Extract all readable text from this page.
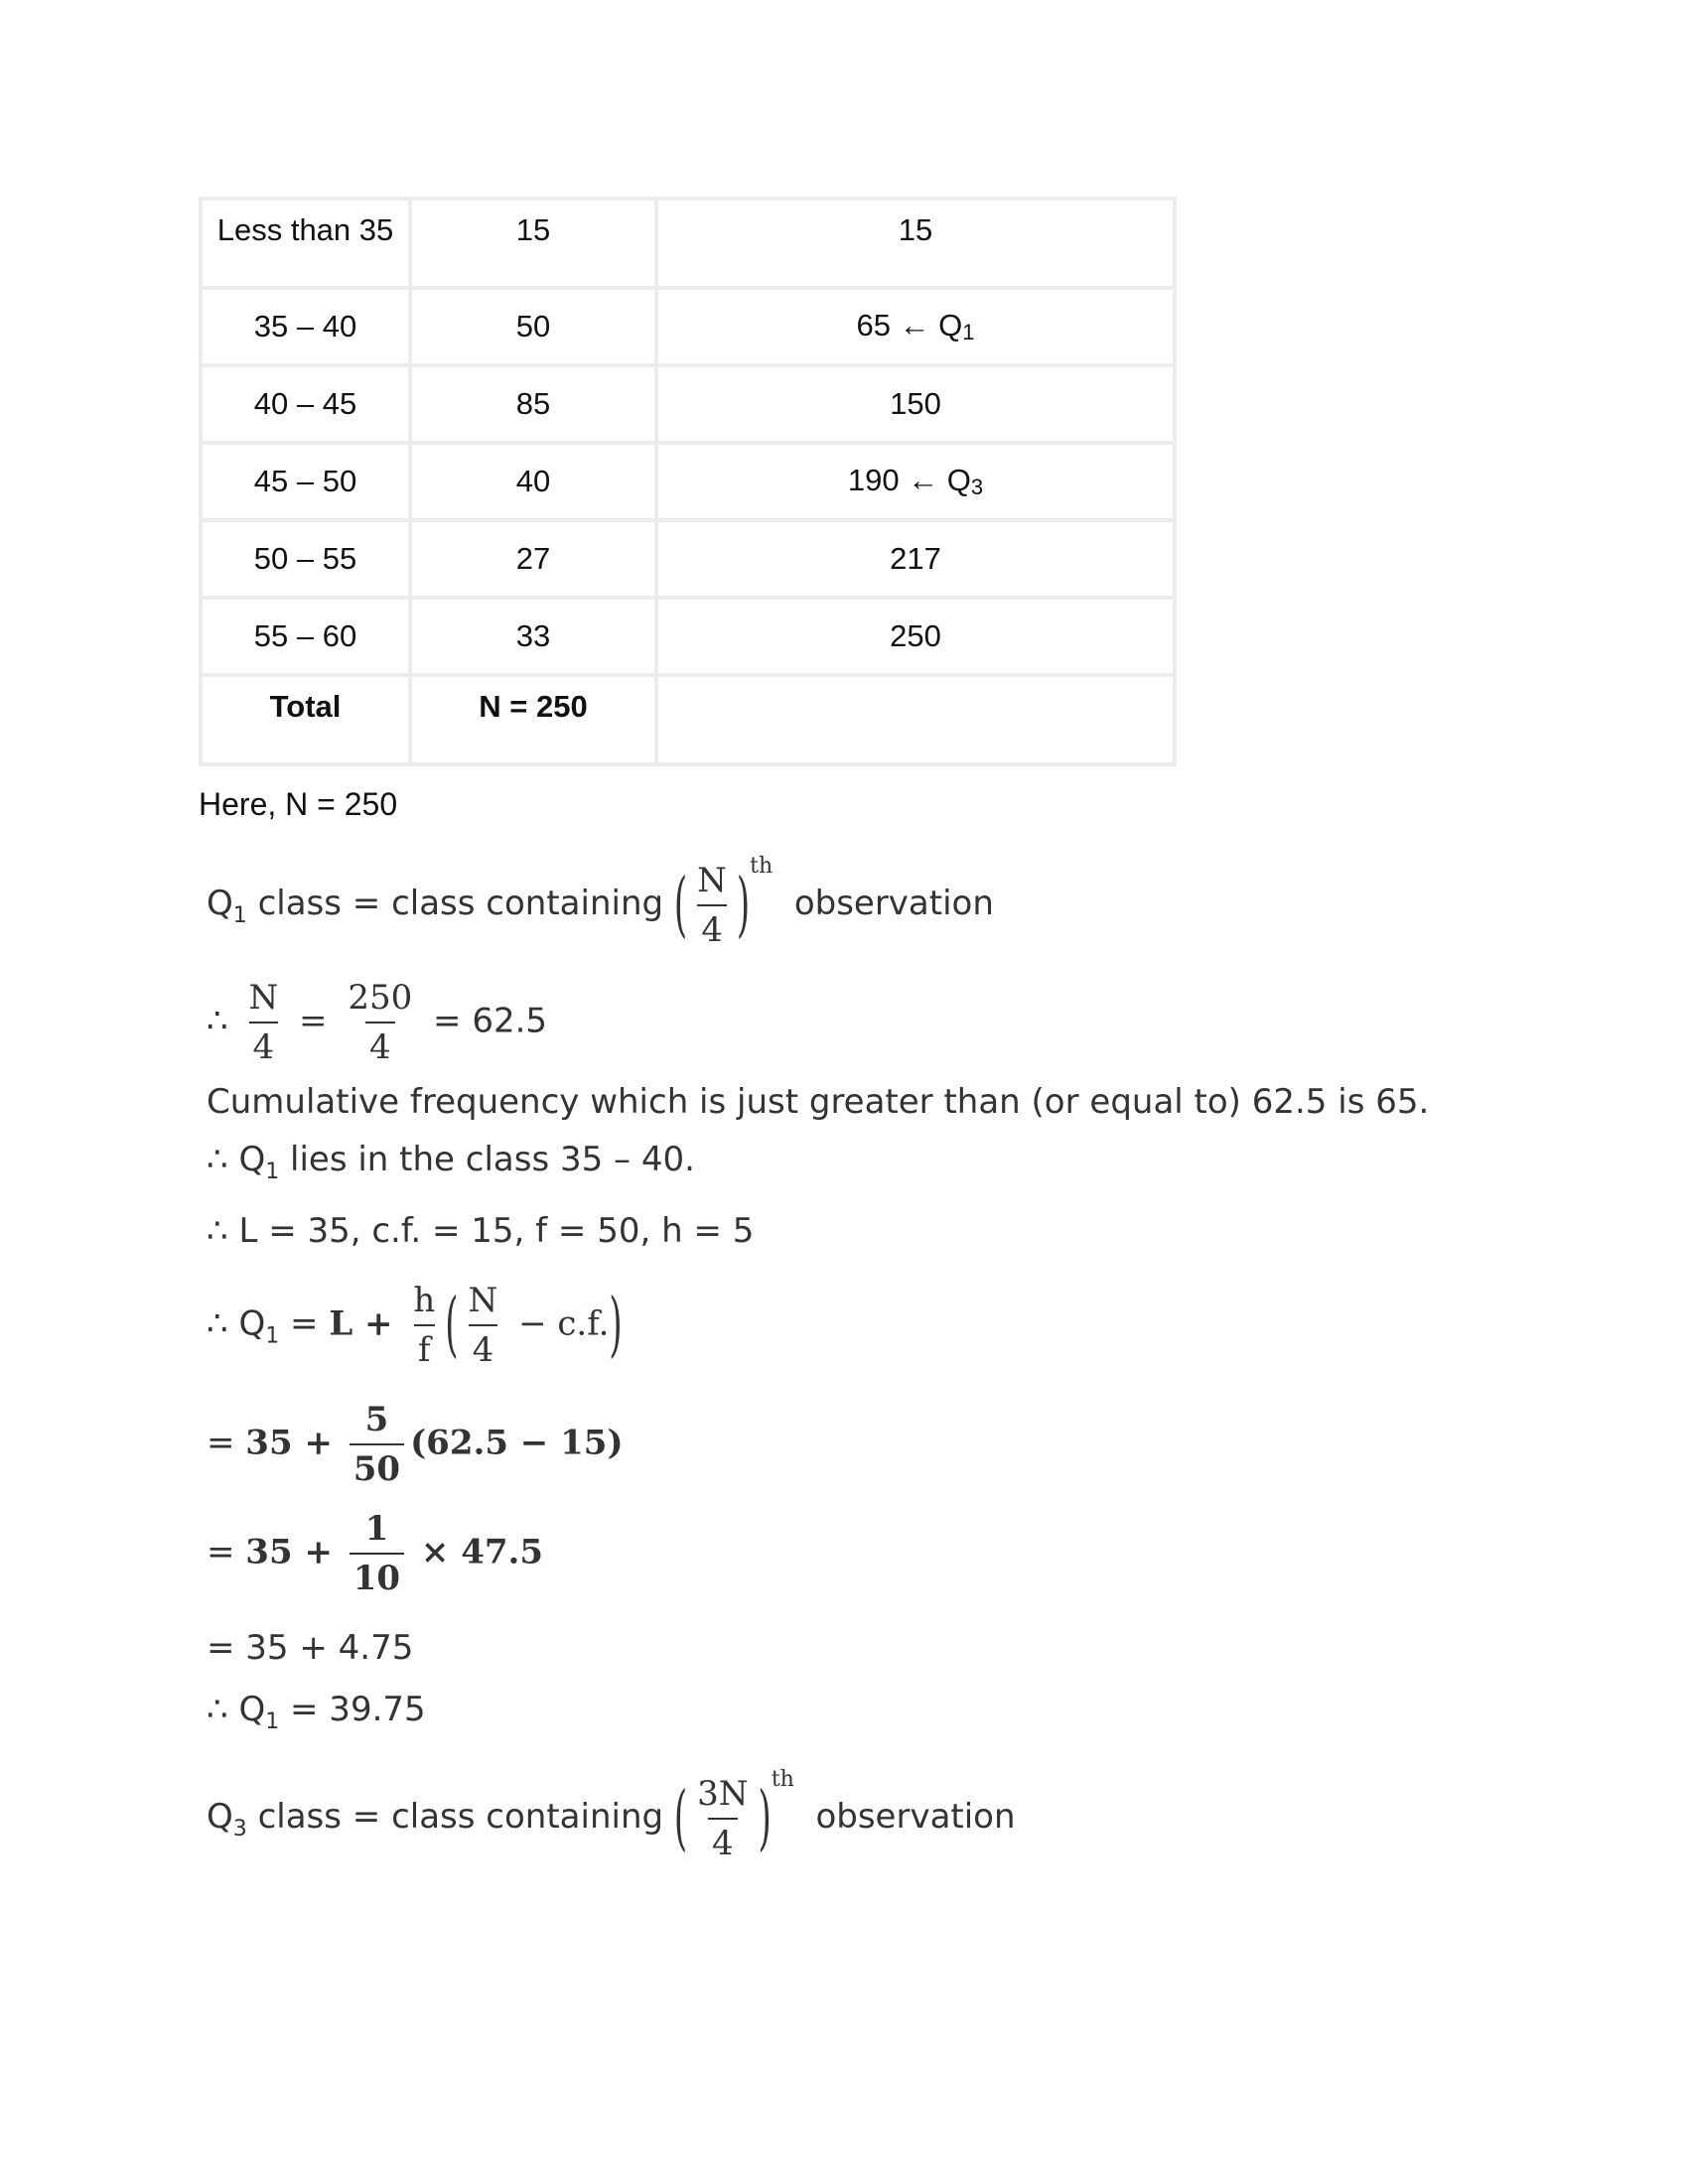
Less than 35	15	15
35 – 40	50	65 ← $Q_1$
40 – 45	85	150
45 – 50	40	190 ← $Q_3$
50 – 55	27	217
55 – 60	33	250
Total	N = 250	
Here, N = 250
$Q_1$ class = class containing ( $\frac{N}{4} )^{th}$  observation
∴ $\frac{N}{4} = \frac{250}{4} = 62.5$
Cumulative frequency which is just greater than (or equal to) 62.5 is 65.
∴ $Q_1$ lies in the class 35 – 40.
∴ L = 35, c.f. = 15, f = 50, h = 5
∴ $Q_1 = L + \frac{h}{f}$ ( $\frac{N}{4} - c.f$.)
= $35 + \frac{5}{50} (62.5 - 15)$
= $35 + \frac{1}{10} \times 47.5$
= 35 + 4.75
∴ $Q_1 = 39.75$
$Q_3$ class = class containing ( $\frac{3N}{4} )^{th}$  observation
